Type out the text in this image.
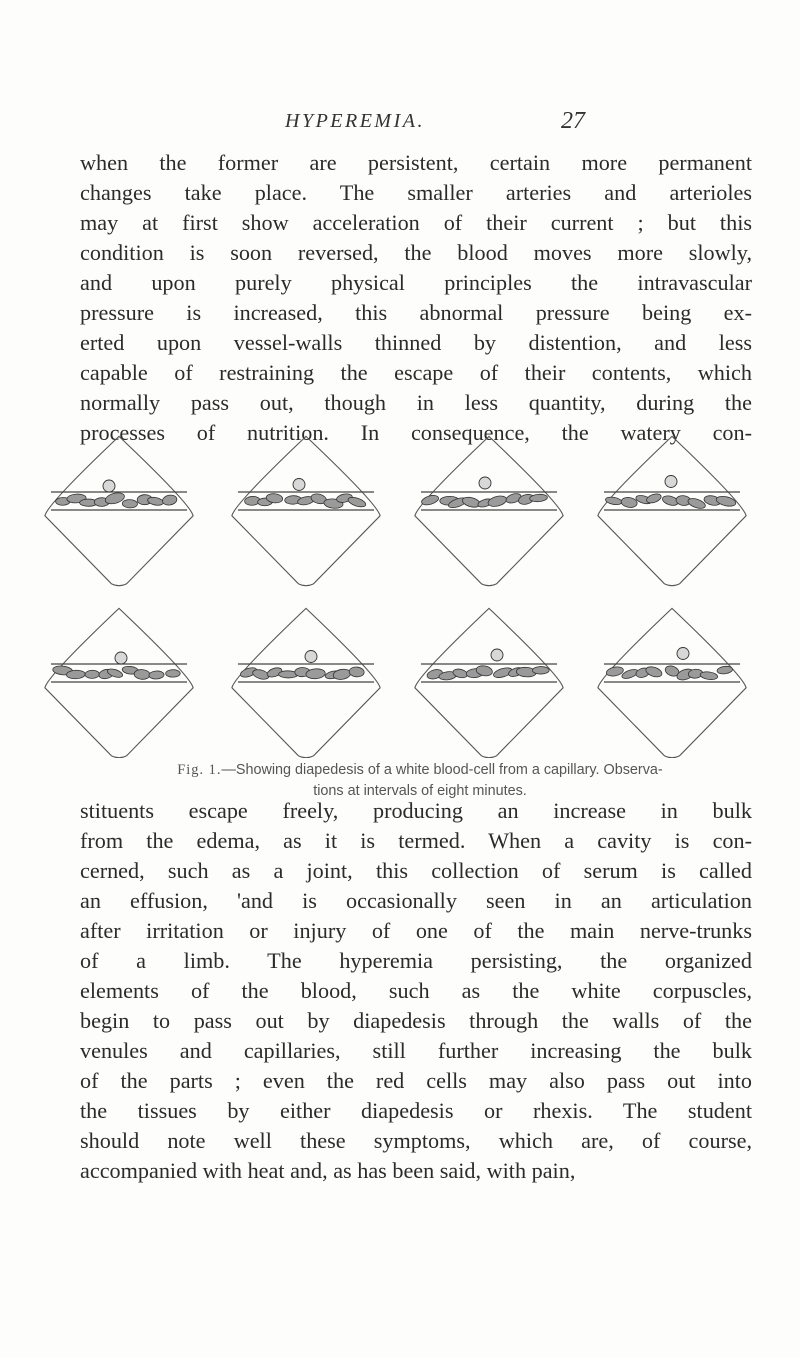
HYPEREMIA.	27
when the former are persistent, certain more permanent
changes take place. The smaller arteries and arterioles
may at first show acceleration of their current ; but this
condition is soon reversed, the blood moves more slowly,
and upon purely physical principles the intravascular
pressure is increased, this abnormal pressure being ex-
erted upon vessel-walls thinned by distention, and less
capable of restraining the escape of their contents, which
normally pass out, though in less quantity, during the
processes of nutrition. In consequence, the watery con-
Fig. 1.—Showing diapedesis of a white blood-cell from a capillary. Observa-
tions at intervals of eight minutes.
stituents escape freely, producing an increase in bulk
from the edema, as it is termed. When a cavity is con-
cerned, such as a joint, this collection of serum is called
an effusion, 'and is occasionally seen in an articulation
after irritation or injury of one of the main nerve-trunks
of a limb. The hyperemia persisting, the organized
elements of the blood, such as the white corpuscles,
begin to pass out by diapedesis through the walls of the
venules and capillaries, still further increasing the bulk
of the parts ; even the red cells may also pass out into
the tissues by either diapedesis or rhexis. The student
should note well these symptoms, which are, of course,
accompanied with heat and, as has been said, with pain,
